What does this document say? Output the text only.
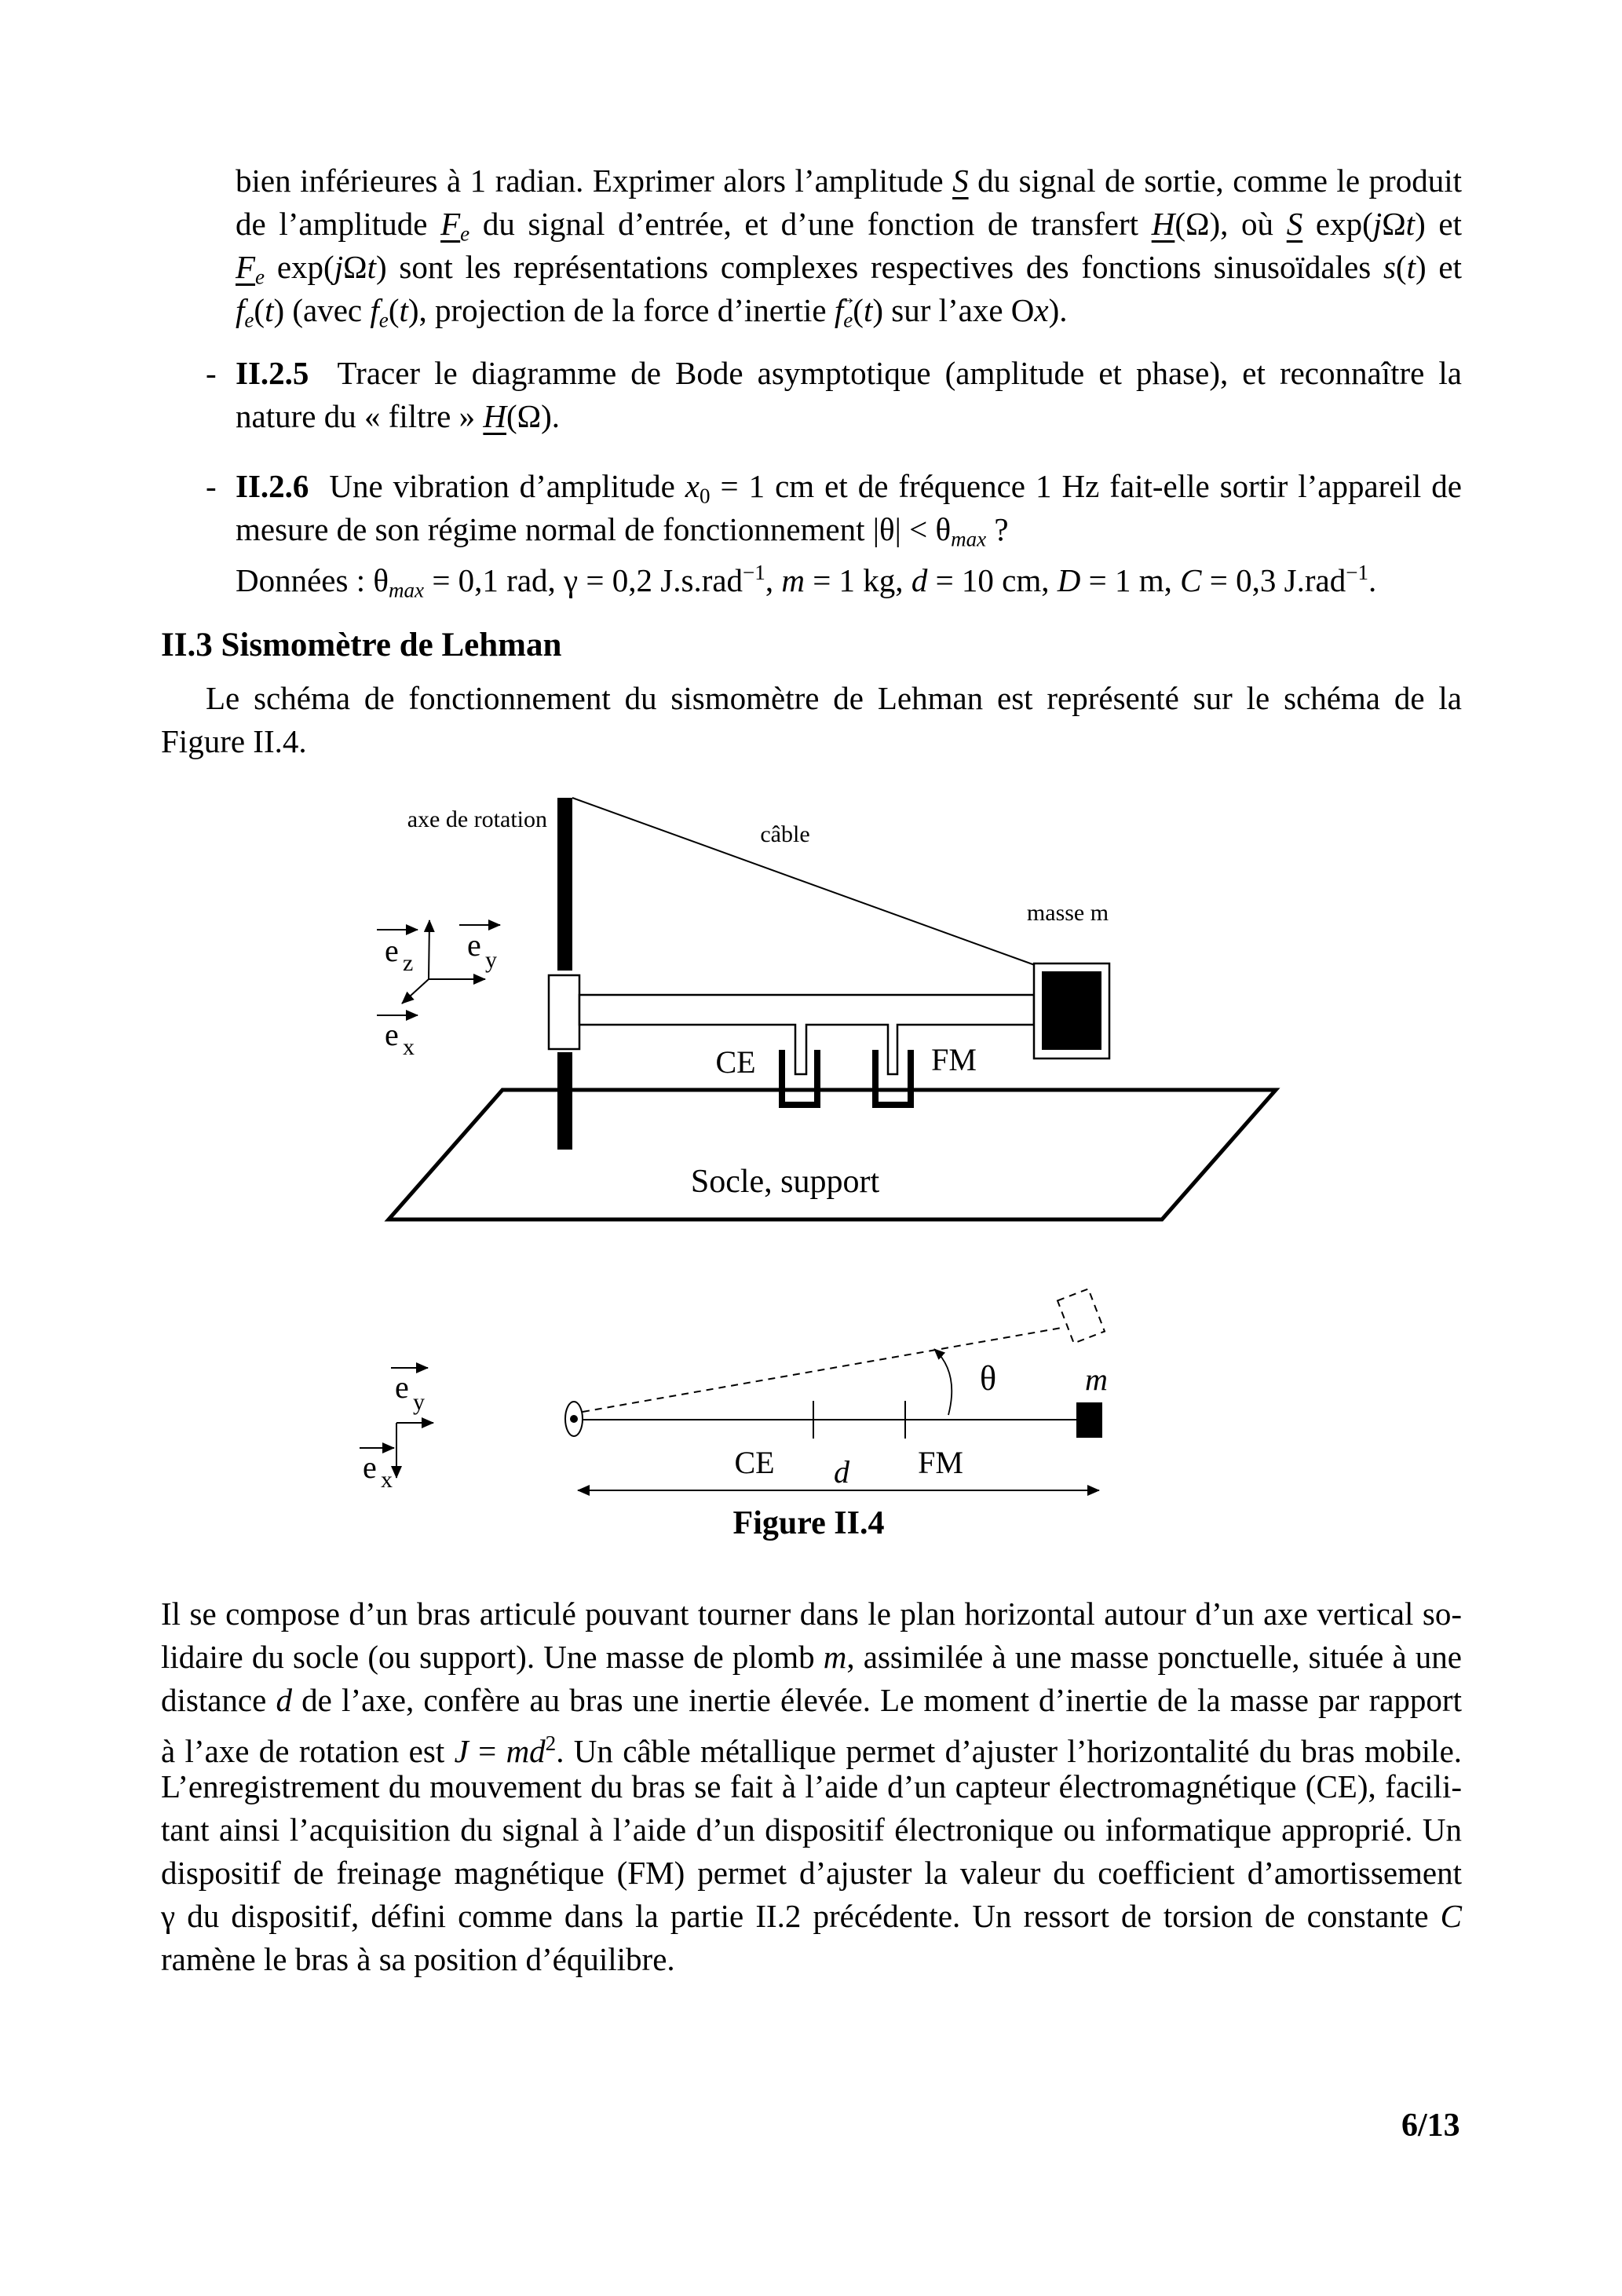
bien inférieures à 1 radian. Exprimer alors l’amplitude S du signal de sortie, comme le produit
de l’amplitude $F_e$ du signal d’entrée, et d’une fonction de transfert H(Ω), où S exp(jΩt) et
$F_e$ exp(jΩt) sont les représentations complexes respectives des fonctions sinusoïdales s(t) et
$f_e(t)$ (avec $f_e(t)$, projection de la force d’inertie → $f_e(t)$ sur l’axe Ox).
- II.2.5  Tracer le diagramme de Bode asymptotique (amplitude et phase), et reconnaître la
nature du « filtre » H(Ω).
- II.2.6  Une vibration d’amplitude $x_0 = 1$ cm et de fréquence 1 Hz fait-elle sortir l’appareil de
mesure de son régime normal de fonctionnement $|\theta| < \theta_{max}$ ?
Données : $\theta_{max} = 0,1$ rad, γ = 0,2 J.s.rad$^{-1}$, m = 1 kg, d = 10 cm, D = 1 m, C = 0,3 J.rad$^{-1}$.
II.3 Sismomètre de Lehman
Le schéma de fonctionnement du sismomètre de Lehman est représenté sur le schéma de la
Figure II.4.
Socle, support
axe de rotation
câble
masse m
CE	FM
e z
e y
e x
e y
e x
θ	m
CE	FM
d
Figure II.4
Il se compose d’un bras articulé pouvant tourner dans le plan horizontal autour d’un axe vertical so-
lidaire du socle (ou support). Une masse de plomb m, assimilée à une masse ponctuelle, située à une
distance d de l’axe, confère au bras une inertie élevée. Le moment d’inertie de la masse par rapport
à l’axe de rotation est $J = md^2$. Un câble métallique permet d’ajuster l’horizontalité du bras mobile.
L’enregistrement du mouvement du bras se fait à l’aide d’un capteur électromagnétique (CE), facili-
tant ainsi l’acquisition du signal à l’aide d’un dispositif électronique ou informatique approprié. Un
dispositif de freinage magnétique (FM) permet d’ajuster la valeur du coefficient d’amortissement
γ du dispositif, défini comme dans la partie II.2 précédente. Un ressort de torsion de constante C
ramène le bras à sa position d’équilibre.
6/13
